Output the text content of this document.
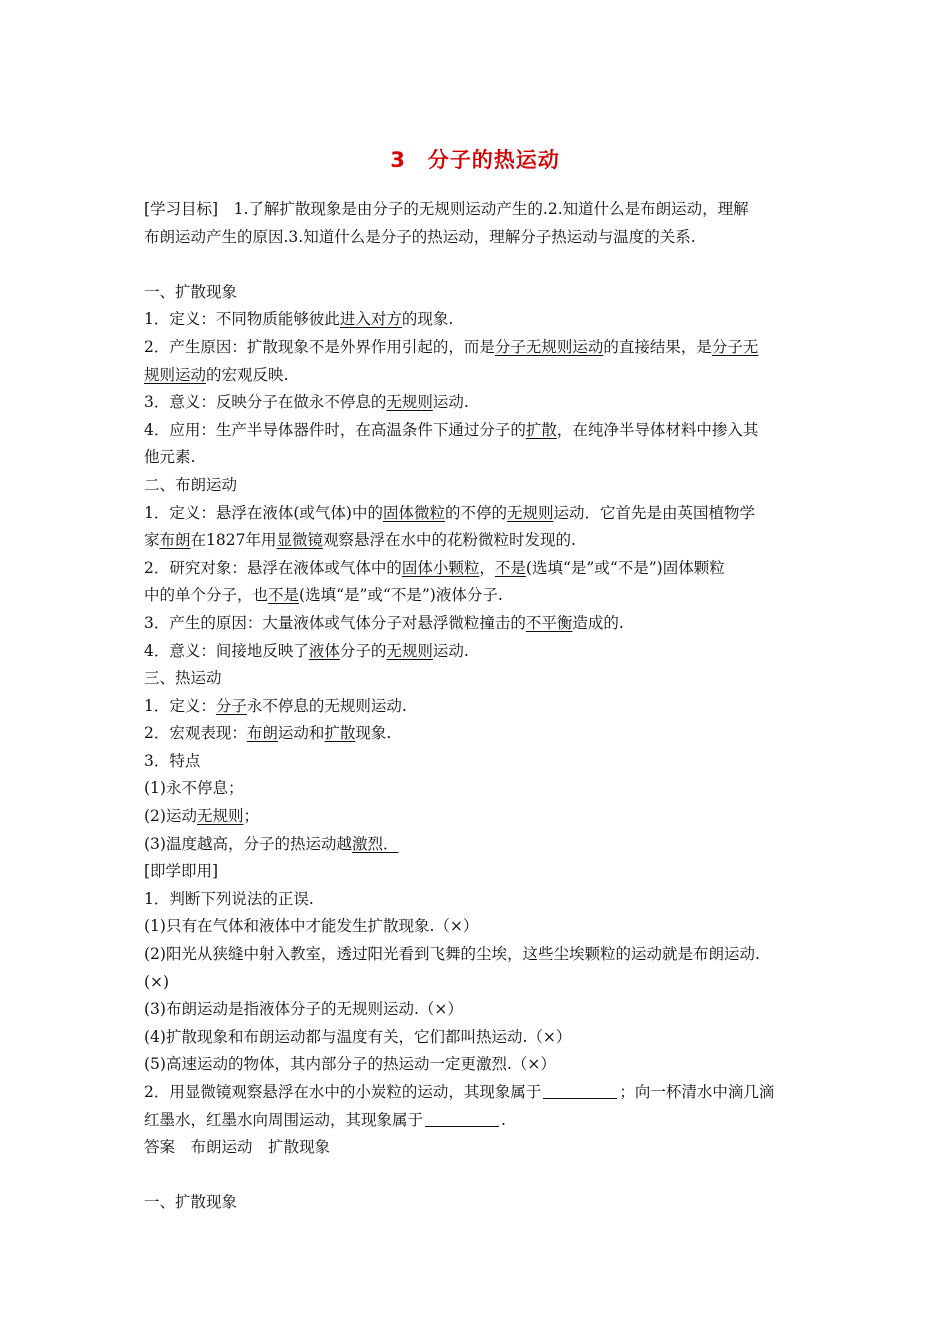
3　分子的热运动

[学习目标]　1.了解扩散现象是由分子的无规则运动产生的.2.知道什么是布朗运动，理解

布朗运动产生的原因.3.知道什么是分子的热运动，理解分子热运动与温度的关系.

一、扩散现象

1．定义：不同物质能够彼此进入对方的现象.

2．产生原因：扩散现象不是外界作用引起的，而是分子无规则运动的直接结果，是分子无

规则运动的宏观反映.

3．意义：反映分子在做永不停息的无规则运动.

4．应用：生产半导体器件时，在高温条件下通过分子的扩散，在纯净半导体材料中掺入其

他元素.

二、布朗运动

1．定义：悬浮在液体(或气体)中的固体微粒的不停的无规则运动．它首先是由英国植物学

家布朗在1827年用显微镜观察悬浮在水中的花粉微粒时发现的.

2．研究对象：悬浮在液体或气体中的固体小颗粒，不是(选填“是”或“不是”)固体颗粒

中的单个分子，也不是(选填“是”或“不是”)液体分子.

3．产生的原因：大量液体或气体分子对悬浮微粒撞击的不平衡造成的.

4．意义：间接地反映了液体分子的无规则运动.

三、热运动

1．定义：分子永不停息的无规则运动.

2．宏观表现：布朗运动和扩散现象.

3．特点

(1)永不停息；

(2)运动无规则；

(3)温度越高，分子的热运动越激烈．

[即学即用]

1．判断下列说法的正误.

(1)只有在气体和液体中才能发生扩散现象.（×）

(2)阳光从狭缝中射入教室，透过阳光看到飞舞的尘埃，这些尘埃颗粒的运动就是布朗运动.

(×)

(3)布朗运动是指液体分子的无规则运动.（×）

(4)扩散现象和布朗运动都与温度有关，它们都叫热运动.（×）

(5)高速运动的物体，其内部分子的热运动一定更激烈.（×）

2．用显微镜观察悬浮在水中的小炭粒的运动，其现象属于	；向一杯清水中滴几滴

红墨水，红墨水向周围运动，其现象属于	.

答案　布朗运动　扩散现象

一、扩散现象
